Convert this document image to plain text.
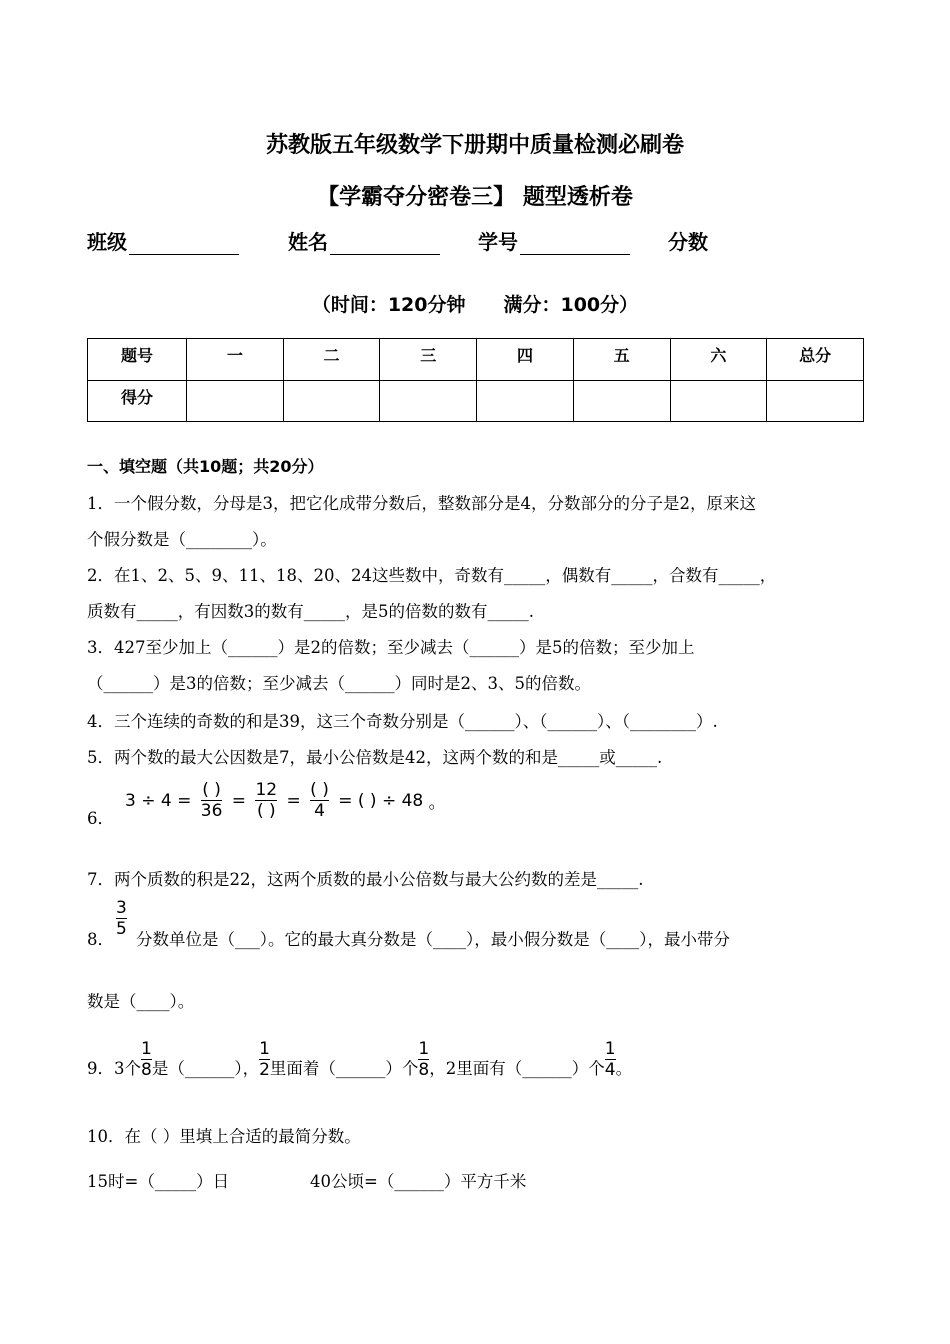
苏教版五年级数学下册期中质量检测必刷卷
【学霸夺分密卷三】 题型透析卷
班级	姓名	学号	分数
（时间：120分钟　　满分：100分）
题号	一	二	三	四	五	六	总分
得分							
一、填空题（共10题；共20分）
1．一个假分数，分母是3，把它化成带分数后，整数部分是4，分数部分的分子是2，原来这
个假分数是（________）。
2．在1、2、5、9、11、18、20、24这些数中，奇数有_____，偶数有_____，合数有_____，
质数有_____，有因数3的数有_____，是5的倍数的数有_____.
3．427至少加上（______）是2的倍数；至少减去（______）是5的倍数；至少加上
（______）是3的倍数；至少减去（______）同时是2、3、5的倍数。
4．三个连续的奇数的和是39，这三个奇数分别是（______）、（______）、（________）.
5．两个数的最大公因数是7，最小公倍数是42，这两个数的和是_____或_____.
6．
$3 \div 4 = \frac{( )}{36} = \frac{12}{( )} = \frac{( )}{4}$ = ( ) ÷ 48 。
7．两个质数的积是22，这两个质数的最小公倍数与最大公约数的差是_____.
8．
$\frac{3}{5}$
分数单位是（___）。它的最大真分数是（____），最小假分数是（____），最小带分
数是（____）。
9．3个 $\frac{1}{8}$ 是（______）， $\frac{1}{2}$ 里面着（______）个 $\frac{1}{8}$ ，2里面有（______）个 $\frac{1}{4}$ 。
10．在（ ）里填上合适的最简分数。
15时=（_____）日	40公顷=（______）平方千米
